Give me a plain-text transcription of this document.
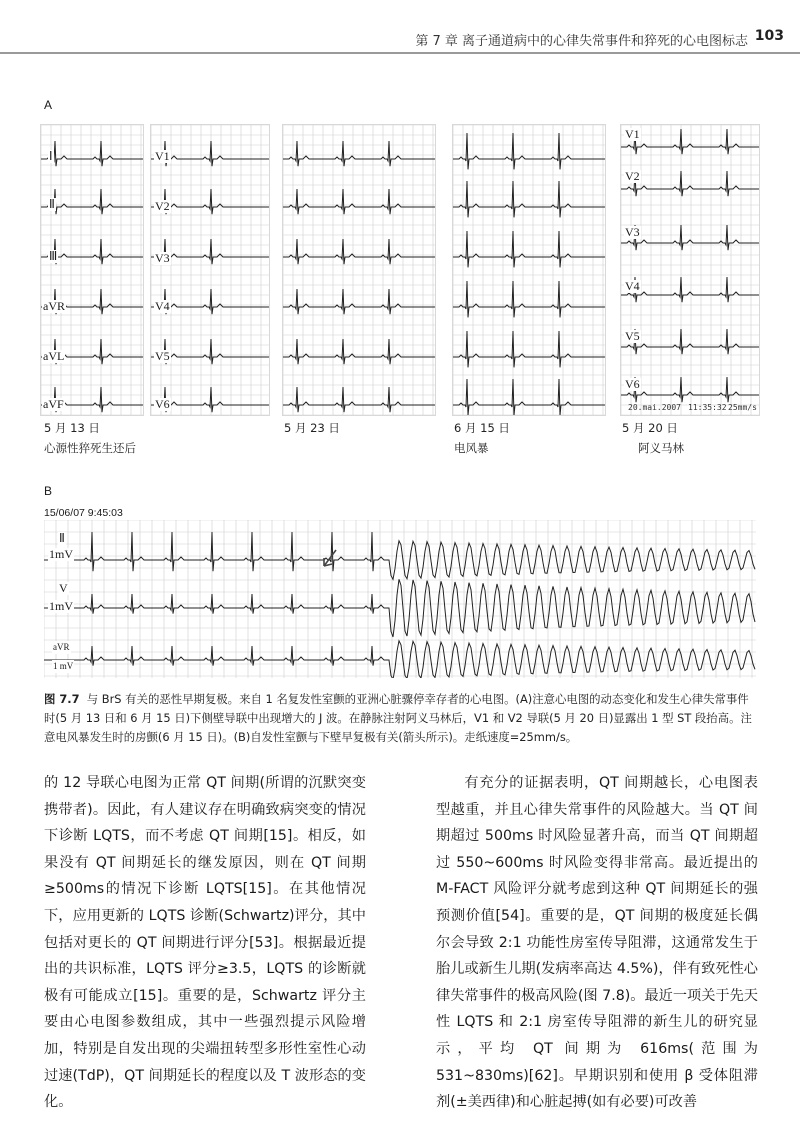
第 7 章 离子通道病中的心律失常事件和猝死的心电图标志 103
A
Ⅰ
Ⅱ
Ⅲ
aVR
aVL
aVF
V1
V2
V3
V4
V5
V6
V1
V2
V3
V4
V5
V6
20.mai.2007 11:35:32 25mm/s
5 月 13 日
心源性猝死生还后
5 月 23 日	6 月 15 日
电风暴
5 月 20 日
阿义马林
B
15/06/07 9:45:03
Ⅱ
1mV
V
1mV
aVR
1 mV
图 7.7 与 BrS 有关的恶性早期复极。来自 1 名复发性室颤的亚洲心脏骤停幸存者的心电图。(A)注意心电图的动态变化和发生心律失常事件时(5 月 13 日和 6 月 15 日)下侧壁导联中出现增大的 J 波。在静脉注射阿义马林后，V1 和 V2 导联(5 月 20 日)显露出 1 型 ST 段抬高。注意电风暴发生时的房颤(6 月 15 日)。(B)自发性室颤与下壁早复极有关(箭头所示)。走纸速度=25mm/s。

的 12 导联心电图为正常 QT 间期(所谓的沉默突变携带者)。因此，有人建议存在明确致病突变的情况下诊断 LQTS，而不考虑 QT 间期[15]。相反，如果没有 QT 间期延长的继发原因，则在 QT 间期≥500ms的情况下诊断 LQTS[15]。在其他情况下，应用更新的 LQTS 诊断(Schwartz)评分，其中包括对更长的 QT 间期进行评分[53]。根据最近提出的共识标准，LQTS 评分≥3.5，LQTS 的诊断就极有可能成立[15]。重要的是，Schwartz 评分主要由心电图参数组成，其中一些强烈提示风险增加，特别是自发出现的尖端扭转型多形性室性心动过速(TdP)，QT 间期延长的程度以及 T 波形态的变化。

有充分的证据表明，QT 间期越长，心电图表型越重，并且心律失常事件的风险越大。当 QT 间期超过 500ms 时风险显著升高，而当 QT 间期超过 550~600ms 时风险变得非常高。最近提出的 M-FACT 风险评分就考虑到这种 QT 间期延长的强预测价值[54]。重要的是，QT 间期的极度延长偶尔会导致 2:1 功能性房室传导阻滞，这通常发生于胎儿或新生儿期(发病率高达 4.5%)，伴有致死性心律失常事件的极高风险(图 7.8)。最近一项关于先天性 LQTS 和 2:1 房室传导阻滞的新生儿的研究显示，平均 QT 间期为 616ms(范围为 531~830ms)[62]。早期识别和使用 β 受体阻滞剂(±美西律)和心脏起搏(如有必要)可改善
